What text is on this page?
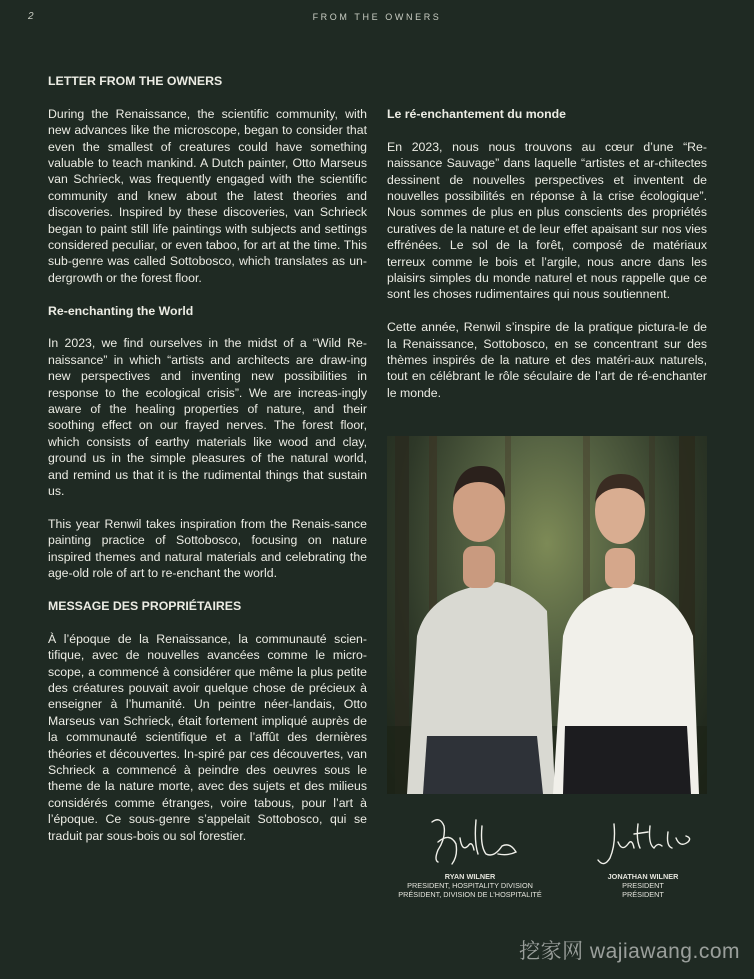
2	FROM THE OWNERS
LETTER FROM THE OWNERS

During the Renaissance, the scientific community, with new advances like the microscope, began to consider that even the smallest of creatures could have something valuable to teach mankind. A Dutch painter, Otto Marseus van Schrieck, was frequently engaged with the scientific community and knew about the latest theories and discoveries. Inspired by these discoveries, van Schrieck began to paint still life paintings with subjects and settings considered peculiar, or even taboo, for art at the time. This sub-genre was called Sottobosco, which translates as un-dergrowth or the forest floor.

Re-enchanting the World

In 2023, we find ourselves in the midst of a “Wild Re-naissance” in which “artists and architects are draw-ing new perspectives and inventing new possibilities in response to the ecological crisis”. We are increas-ingly aware of the healing properties of nature, and their soothing effect on our frayed nerves. The forest floor, which consists of earthy materials like wood and clay, ground us in the simple pleasures of the natural world, and remind us that it is the rudimental things that sustain us.

This year Renwil takes inspiration from the Renais-sance painting practice of Sottobosco, focusing on nature inspired themes and natural materials and celebrating the age-old role of art to re-enchant the world.

MESSAGE DES PROPRIÉTAIRES

À l’époque de la Renaissance, la communauté scien-tifique, avec de nouvelles avancées comme le micro-scope, a commencé à considérer que même la plus petite des créatures pouvait avoir quelque chose de précieux à enseigner à l’humanité. Un peintre néer-landais, Otto Marseus van Schrieck, était fortement impliqué auprès de la communauté scientifique et a l’affût des dernières théories et découvertes. In-spiré par ces découvertes, van Schrieck a commencé à peindre des oeuvres sous le theme de la nature morte, avec des sujets et des milieus considérés comme étranges, voire tabous, pour l’art à l’époque. Ce sous-genre s’appelait Sottobosco, qui se traduit par sous-bois ou sol forestier.

Le ré-enchantement du monde

En 2023, nous nous trouvons au cœur d’une “Re-naissance Sauvage” dans laquelle “artistes et ar-chitectes dessinent de nouvelles perspectives et inventent de nouvelles possibilités en réponse à la crise écologique”. Nous sommes de plus en plus conscients des propriétés curatives de la nature et de leur effet apaisant sur nos vies effrénées. Le sol de la forêt, composé de matériaux terreux comme le bois et l’argile, nous ancre dans les plaisirs simples du monde naturel et nous rappelle que ce sont les choses rudimentaires qui nous soutiennent.

Cette année, Renwil s’inspire de la pratique pictura-le de la Renaissance, Sottobosco, en se concentrant sur des thèmes inspirés de la nature et des matéri-aux naturels, tout en célébrant le rôle séculaire de l’art de ré-enchanter le monde.

RYAN WILNER
PRESIDENT, HOSPITALITY DIVISION
PRÉSIDENT, DIVISION DE L’HOSPITALITÉ
JONATHAN WILNER
PRESIDENT
PRÉSIDENT
挖家网 wajiawang.com
